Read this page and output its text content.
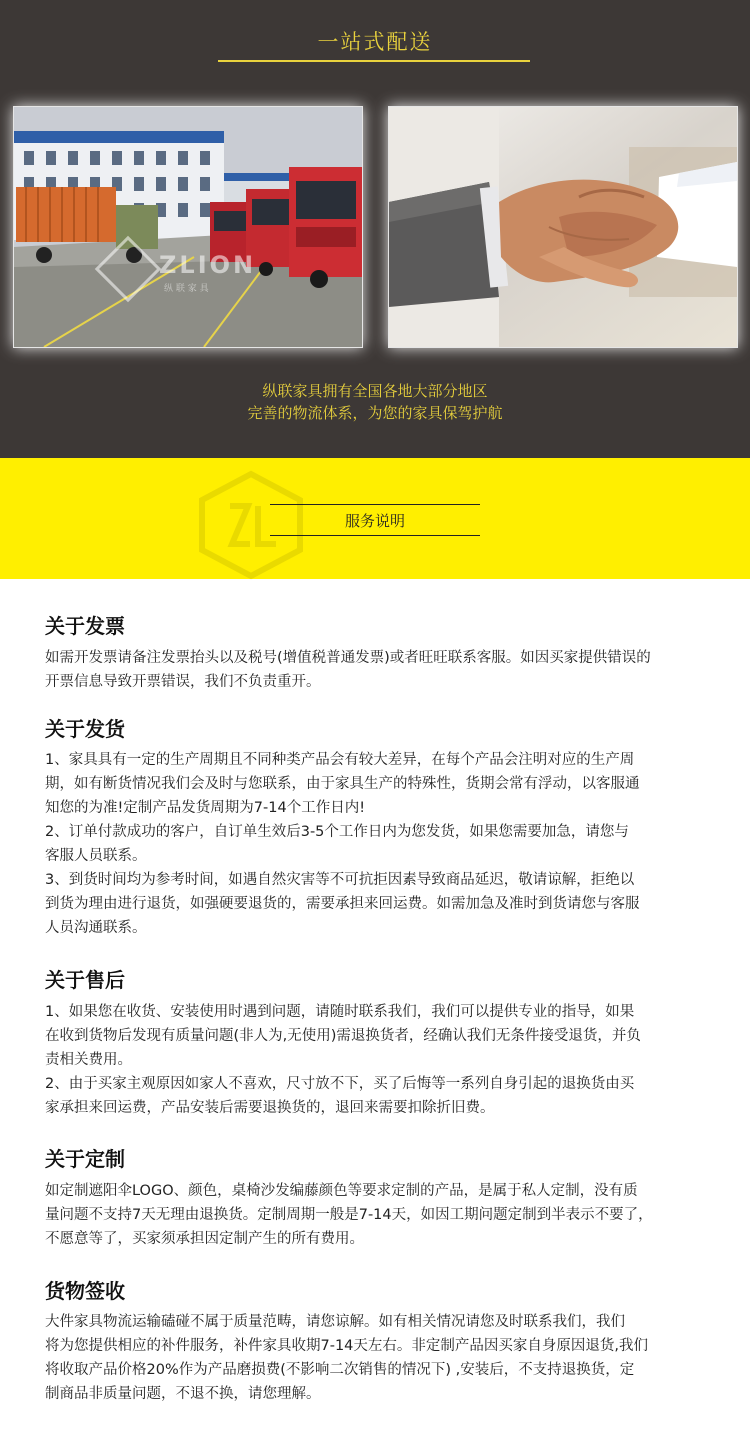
一站式配送
ZLION
纵 联 家 具
纵联家具拥有全国各地大部分地区
完善的物流体系，为您的家具保驾护航
服务说明
关于发票
如需开发票请备注发票抬头以及税号(增值税普通发票)或者旺旺联系客服。如因买家提供错误的
开票信息导致开票错误，我们不负责重开。
关于发货
1、家具具有一定的生产周期且不同种类产品会有较大差异，在每个产品会注明对应的生产周
期，如有断货情况我们会及时与您联系，由于家具生产的特殊性，货期会常有浮动，以客服通
知您的为准!定制产品发货周期为7-14个工作日内!
2、订单付款成功的客户，自订单生效后3-5个工作日内为您发货，如果您需要加急，请您与
客服人员联系。
3、到货时间均为参考时间，如遇自然灾害等不可抗拒因素导致商品延迟，敬请谅解，拒绝以
到货为理由进行退货，如强硬要退货的，需要承担来回运费。如需加急及准时到货请您与客服
人员沟通联系。
关于售后
1、如果您在收货、安装使用时遇到问题，请随时联系我们，我们可以提供专业的指导，如果
在收到货物后发现有质量问题(非人为,无使用)需退换货者，经确认我们无条件接受退货，并负
责相关费用。
2、由于买家主观原因如家人不喜欢，尺寸放不下，买了后悔等一系列自身引起的退换货由买
家承担来回运费，产品安装后需要退换货的，退回来需要扣除折旧费。
关于定制
如定制遮阳伞LOGO、颜色，桌椅沙发编藤颜色等要求定制的产品，是属于私人定制，没有质
量问题不支持7天无理由退换货。定制周期一般是7-14天，如因工期问题定制到半表示不要了，
不愿意等了，买家须承担因定制产生的所有费用。
货物签收
大件家具物流运输磕碰不属于质量范畴，请您谅解。如有相关情况请您及时联系我们，我们
将为您提供相应的补件服务，补件家具收期7-14天左右。非定制产品因买家自身原因退货,我们
将收取产品价格20%作为产品磨损费(不影响二次销售的情况下) ,安装后，不支持退换货，定
制商品非质量问题，不退不换，请您理解。
